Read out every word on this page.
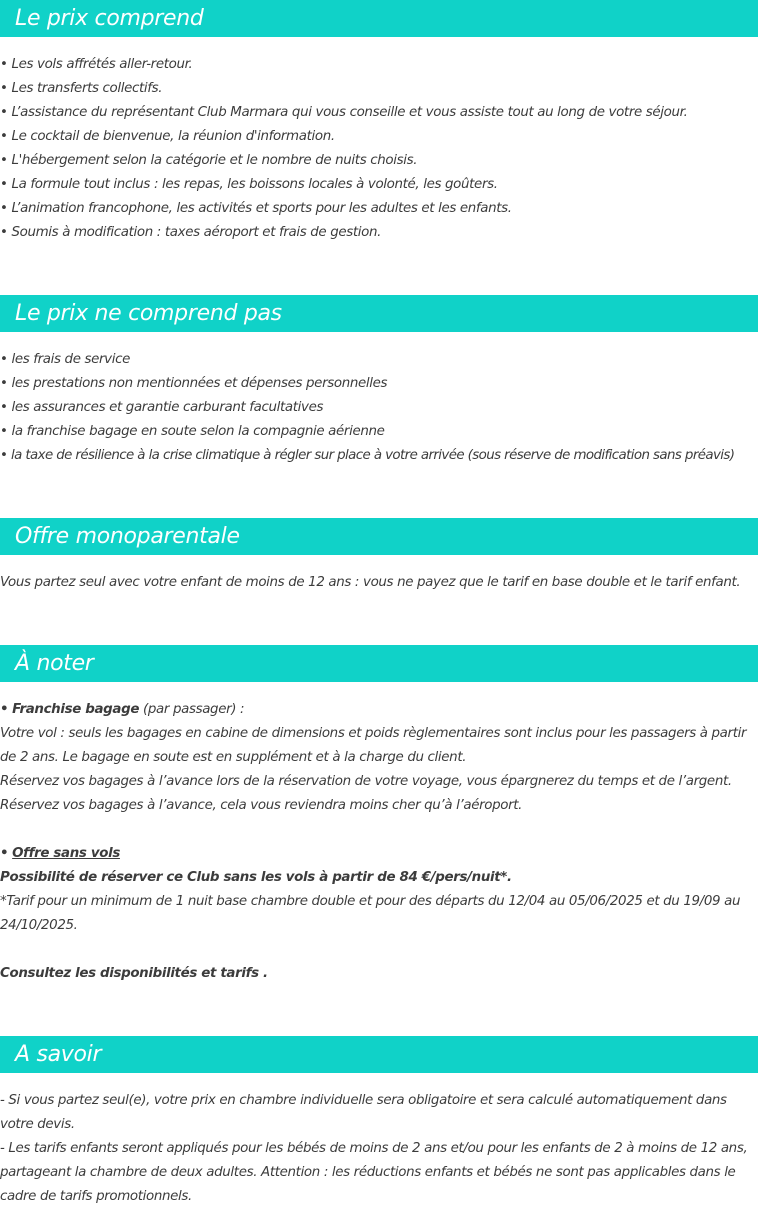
Le prix comprend
• Les vols affrétés aller-retour.
• Les transferts collectifs.
• L’assistance du représentant Club Marmara qui vous conseille et vous assiste tout au long de votre séjour.
• Le cocktail de bienvenue, la réunion d'information.
• L'hébergement selon la catégorie et le nombre de nuits choisis.
• La formule tout inclus : les repas, les boissons locales à volonté, les goûters.
• L’animation francophone, les activités et sports pour les adultes et les enfants.
• Soumis à modification : taxes aéroport et frais de gestion.
Le prix ne comprend pas
• les frais de service
• les prestations non mentionnées et dépenses personnelles
• les assurances et garantie carburant facultatives
• la franchise bagage en soute selon la compagnie aérienne
• la taxe de résilience à la crise climatique à régler sur place à votre arrivée (sous réserve de modification sans préavis)
Offre monoparentale
Vous partez seul avec votre enfant de moins de 12 ans : vous ne payez que le tarif en base double et le tarif enfant.
À noter
• Franchise bagage (par passager) :
Votre vol : seuls les bagages en cabine de dimensions et poids règlementaires sont inclus pour les passagers à partir de 2 ans. Le bagage en soute est en supplément et à la charge du client.
Réservez vos bagages à l’avance lors de la réservation de votre voyage, vous épargnerez du temps et de l’argent.
Réservez vos bagages à l’avance, cela vous reviendra moins cher qu’à l’aéroport.
• Offre sans vols
Possibilité de réserver ce Club sans les vols à partir de 84 €/pers/nuit*.
*Tarif pour un minimum de 1 nuit base chambre double et pour des départs du 12/04 au 05/06/2025 et du 19/09 au 24/10/2025.
Consultez les disponibilités et tarifs .
A savoir
- Si vous partez seul(e), votre prix en chambre individuelle sera obligatoire et sera calculé automatiquement dans votre devis.
- Les tarifs enfants seront appliqués pour les bébés de moins de 2 ans et/ou pour les enfants de 2 à moins de 12 ans, partageant la chambre de deux adultes. Attention : les réductions enfants et bébés ne sont pas applicables dans le cadre de tarifs promotionnels.
